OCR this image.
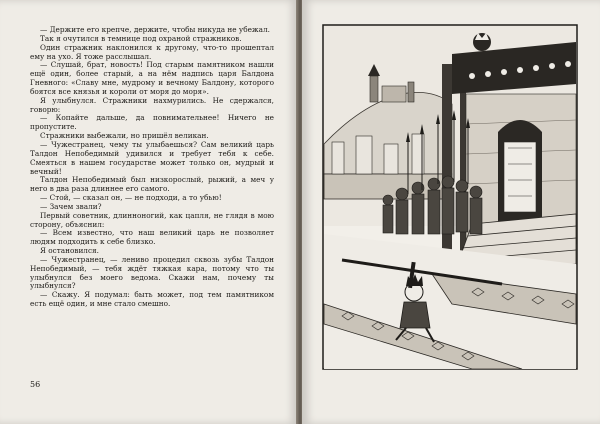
— Держите его крепче, держите, чтобы никуда не убежал.

Так я очутился в темнице под охраной стражников.

Один стражник наклонился к другому, что-то прошептал ему на ухо. Я тоже расслышал.

— Слушай, брат, новость! Под старым памятником нашли ещё один, более старый, а на нём надпись царя Балдона Гневного: «Славу мне, мудрому и вечному Балдону, которого боятся все князья и короли от моря до моря».

Я улыбнулся. Стражники нахмурились. Не сдержался, говорю:

— Копайте дальше, да повнимательнее! Ничего не пропустите.

Стражники выбежали, но пришёл великан.

— Чужестранец, чему ты улыбаешься? Сам великий царь Талдон Непобедимый удивился и требует тебя к себе. Смеяться в нашем государстве может только он, мудрый и вечный!

Талдон Непобедимый был низкорослый, рыжий, а меч у него в два раза длиннее его самого.

— Стой, — сказал он, — не подходи, а то убью!

— Зачем звали?

Первый советник, длинноногий, как цапля, не глядя в мою сторону, объяснил:

— Всем известно, что наш великий царь не позволяет людям подходить к себе близко.

Я остановился.

— Чужестранец, — лениво процедил сквозь зубы Талдон Непобедимый, — тебя ждёт тяжкая кара, потому что ты улыбнулся без моего ведома. Скажи нам, почему ты улыбнулся?

— Скажу. Я подумал: быть может, под тем памятником есть ещё один, и мне стало смешно.

56
